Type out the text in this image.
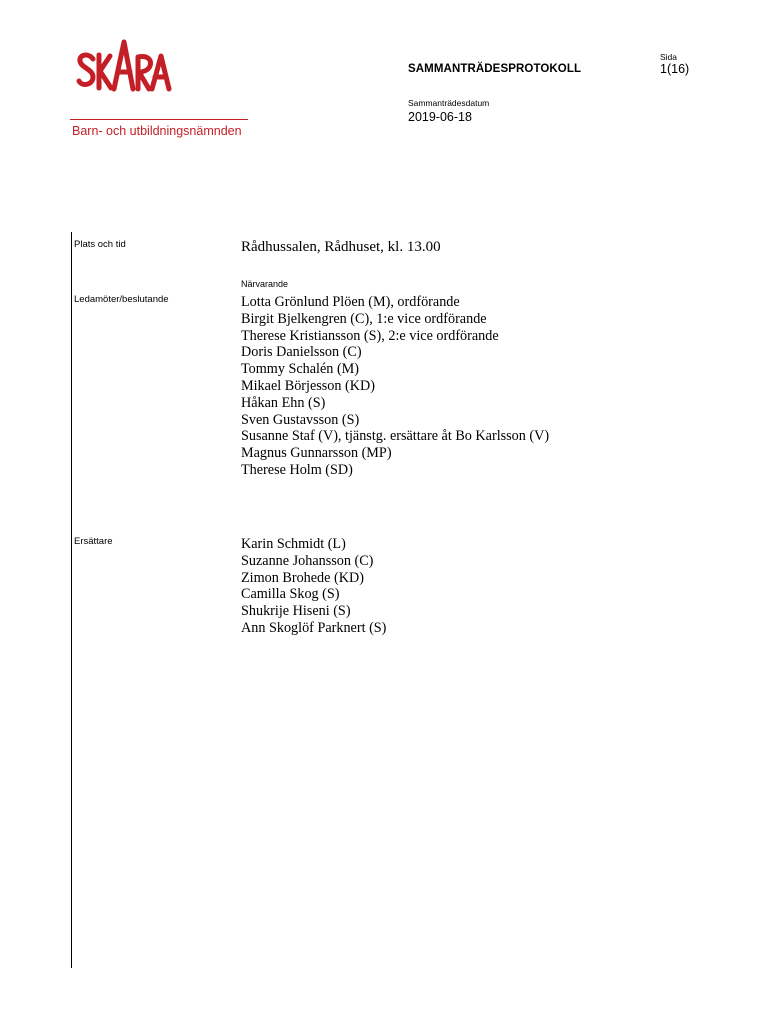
Barn- och utbildningsnämnden
Sida
SAMMANTRÄDESPROTOKOLL	1(16)
Sammanträdesdatum
2019-06-18
Plats och tid	Rådhussalen, Rådhuset, kl. 13.00
Närvarande
Ledamöter/beslutande	Lotta Grönlund Plöen (M), ordförande
Birgit Bjelkengren (C), 1:e vice ordförande
Therese Kristiansson (S), 2:e vice ordförande
Doris Danielsson (C)
Tommy Schalén (M)
Mikael Börjesson (KD)
Håkan Ehn (S)
Sven Gustavsson (S)
Susanne Staf (V), tjänstg. ersättare åt Bo Karlsson (V)
Magnus Gunnarsson (MP)
Therese Holm (SD)
Ersättare	Karin Schmidt (L)
Suzanne Johansson (C)
Zimon Brohede (KD)
Camilla Skog (S)
Shukrije Hiseni (S)
Ann Skoglöf Parknert (S)
